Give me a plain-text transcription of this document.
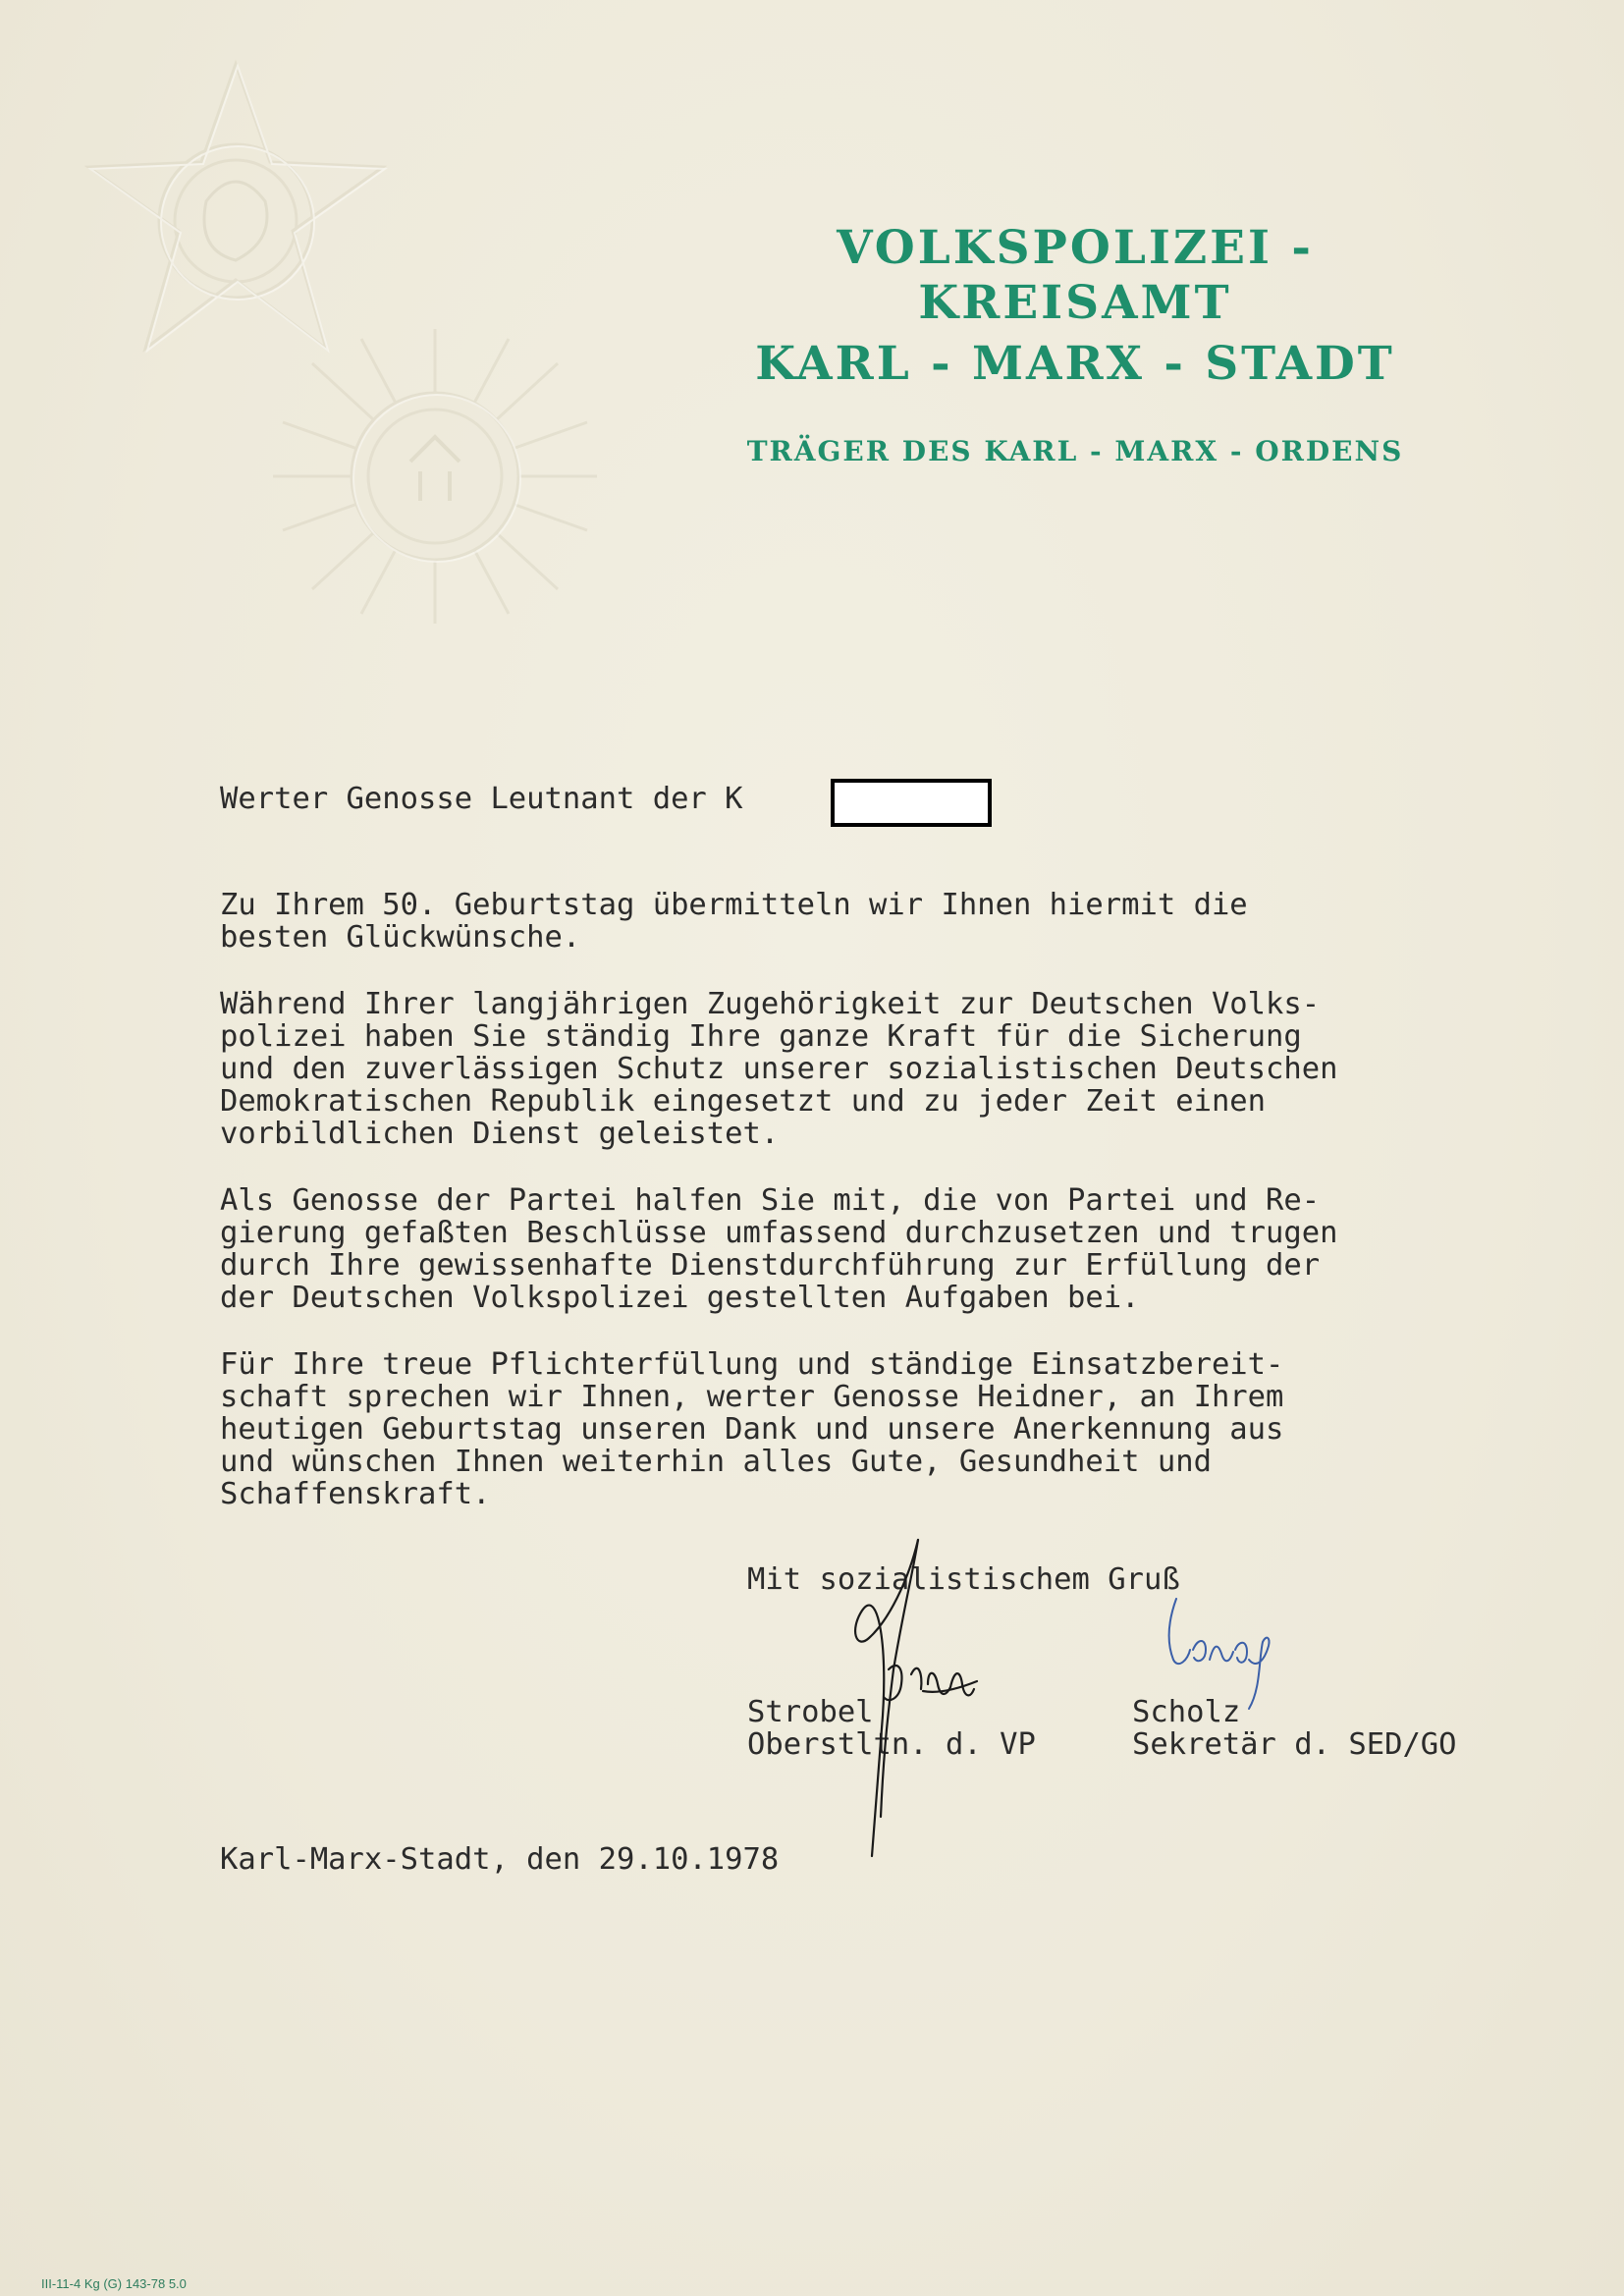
VOLKSPOLIZEI - KREISAMT

KARL - MARX - STADT

TRÄGER DES KARL - MARX - ORDENS

Werter Genosse Leutnant der K
Zu Ihrem 50. Geburtstag übermitteln wir Ihnen hiermit die
besten Glückwünsche.
Während Ihrer langjährigen Zugehörigkeit zur Deutschen Volks-
polizei haben Sie ständig Ihre ganze Kraft für die Sicherung
und den zuverlässigen Schutz unserer sozialistischen Deutschen
Demokratischen Republik eingesetzt und zu jeder Zeit einen
vorbildlichen Dienst geleistet.
Als Genosse der Partei halfen Sie mit, die von Partei und Re-
gierung gefaßten Beschlüsse umfassend durchzusetzen und trugen
durch Ihre gewissenhafte Dienstdurchführung zur Erfüllung der
der Deutschen Volkspolizei gestellten Aufgaben bei.
Für Ihre treue Pflichterfüllung und ständige Einsatzbereit-
schaft sprechen wir Ihnen, werter Genosse Heidner, an Ihrem
heutigen Geburtstag unseren Dank und unsere Anerkennung aus
und wünschen Ihnen weiterhin alles Gute, Gesundheit und
Schaffenskraft.
Mit sozialistischem Gruß
Strobel
Oberstltn. d. VP
Scholz
Sekretär d. SED/GO
Karl-Marx-Stadt, den 29.10.1978
III-11-4 Kg (G) 143-78 5.0
